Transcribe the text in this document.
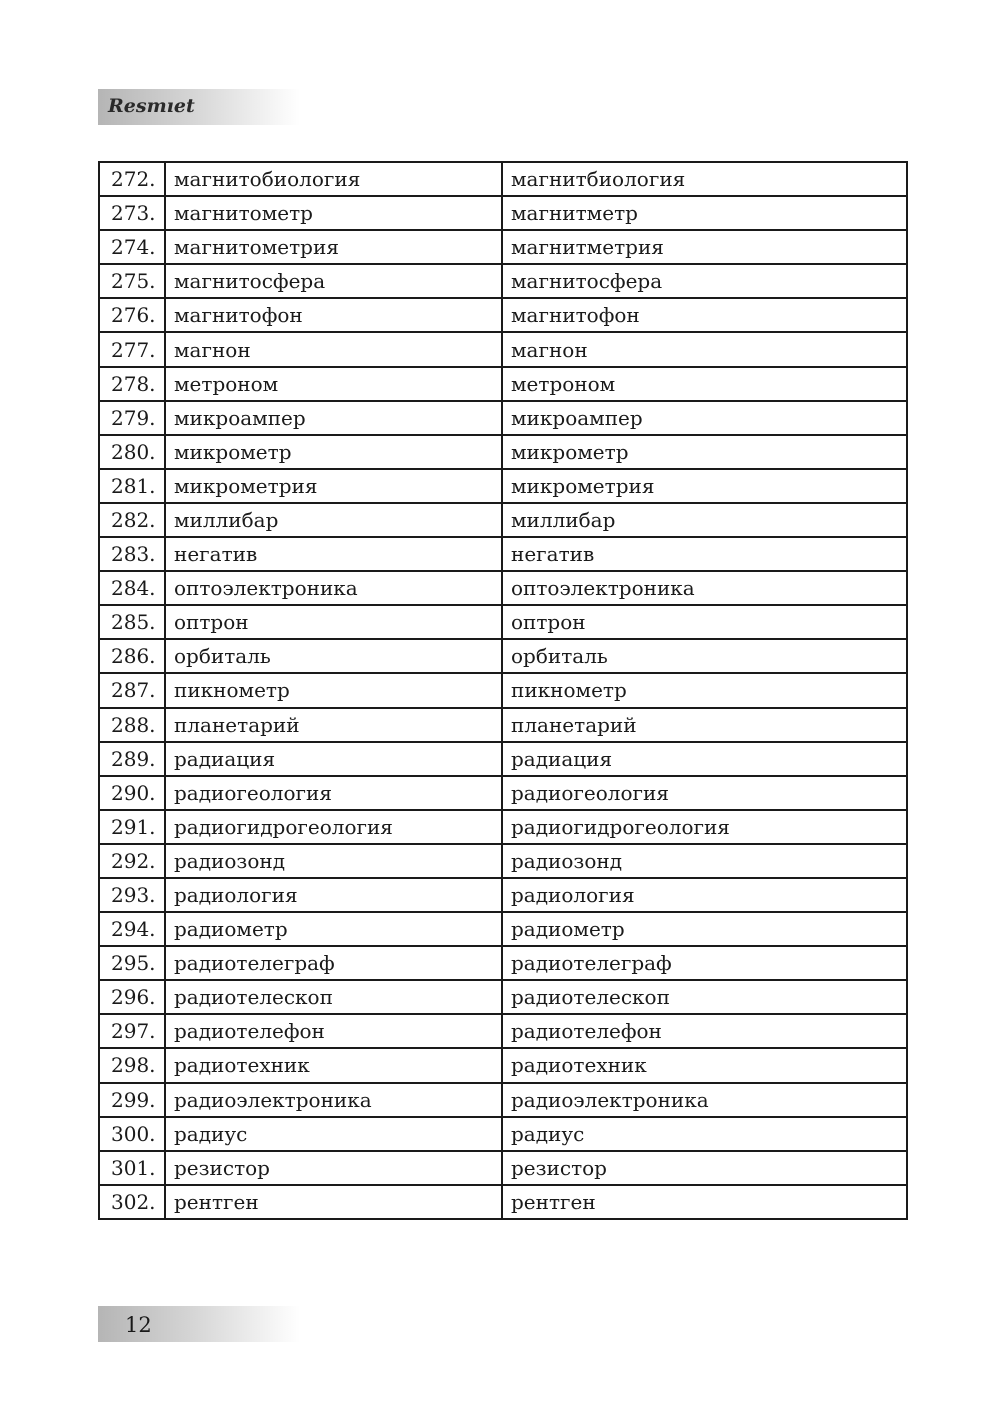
Resmıet
272.	магнитобиология	магнитбиология
273.	магнитометр	магнитметр
274.	магнитометрия	магнитметрия
275.	магнитосфера	магнитосфера
276.	магнитофон	магнитофон
277.	магнон	магнон
278.	метроном	метроном
279.	микроампер	микроампер
280.	микрометр	микрометр
281.	микрометрия	микрометрия
282.	миллибар	миллибар
283.	негатив	негатив
284.	оптоэлектроника	оптоэлектроника
285.	оптрон	оптрон
286.	орбиталь	орбиталь
287.	пикнометр	пикнометр
288.	планетарий	планетарий
289.	радиация	радиация
290.	радиогеология	радиогеология
291.	радиогидрогеология	радиогидрогеология
292.	радиозонд	радиозонд
293.	радиология	радиология
294.	радиометр	радиометр
295.	радиотелеграф	радиотелеграф
296.	радиотелескоп	радиотелескоп
297.	радиотелефон	радиотелефон
298.	радиотехник	радиотехник
299.	радиоэлектроника	радиоэлектроника
300.	радиус	радиус
301.	резистор	резистор
302.	рентген	рентген
12
